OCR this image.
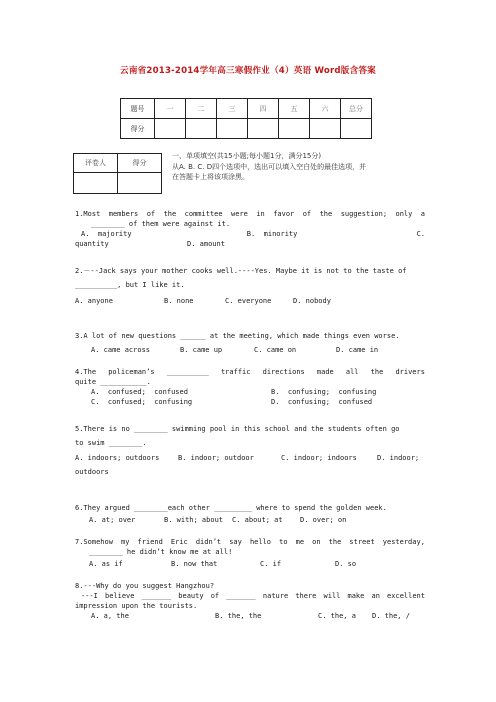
云南省2013-2014学年高三寒假作业（4）英语 Word版含答案
题号	一	二	三	四	五	六	总分
得分							
评卷人	得分

一、单项填空(共15小题;每小题1分，满分15分)
从A. B. C. D四个选项中，选出可以填入空白处的最佳选项，并
在答题卡上将该项涂黑。
1.Most members of the committee were in favor of the suggestion; only a
________ of them were against it.
A.  majority	B.  minority	C.
quantity	D. amount
2.－--Jack says your mother cooks well.----Yes. Maybe it is not to the taste of
__________, but I like it.
A. anyone	B. none	C. everyone	D. nobody
3.A lot of new questions ______ at the meeting, which made things even worse.
A. came across	B. came up	C. came on	D. came in
4.The policeman’s __________ traffic directions made all the drivers
quite ___________.
A.  confused;  confused	B.  confusing;  confusing
C.  confused;  confusing	D.  confusing;  confused
5.There is no ________ swimming pool in this school and the students often go
to swim ________.
A. indoors; outdoors	B. indoor; outdoor	C. indoor; indoors	D. indoor;
outdoors
6.They argued ________each other _________ where to spend the golden week.
A. at; over	B. with; about	C. about; at	D. over; on
7.Somehow my friend Eric didn’t say hello to me on the street yesterday,
________ he didn’t know me at all!
A. as if	B. now that	C. if	D. so
8.---Why do you suggest Hangzhou?
---I believe _______ beauty of _______ nature there will make an excellent
impression upon the tourists.
A. a, the	B. the, the	C. the, a	D. the, /
